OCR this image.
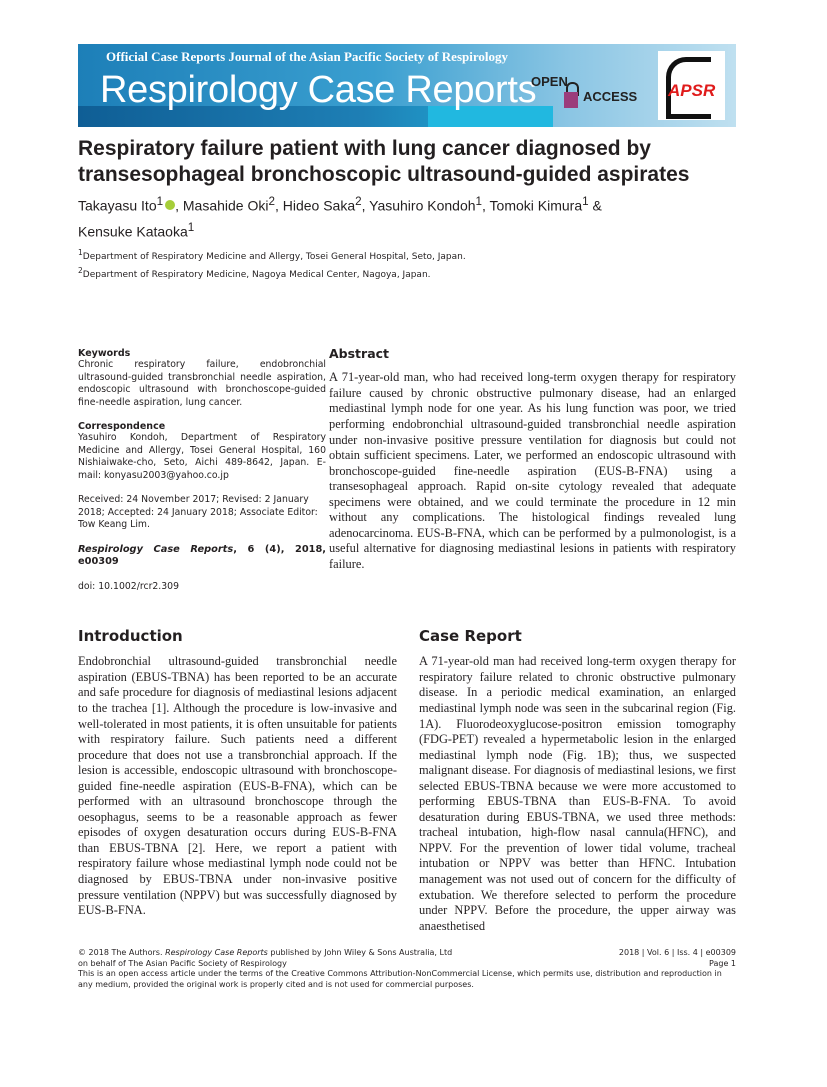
Official Case Reports Journal of the Asian Pacific Society of Respirology
Respirology Case Reports
OPEN
ACCESS APSR
Respiratory failure patient with lung cancer diagnosed by transesophageal bronchoscopic ultrasound-guided aspirates
Takayasu Ito$^1$ , Masahide Oki$^2$, Hideo Saka$^2$, Yasuhiro Kondoh$^1$, Tomoki Kimura$^1$ &
Kensuke Kataoka$^1$
$^1$Department of Respiratory Medicine and Allergy, Tosei General Hospital, Seto, Japan.
$^2$Department of Respiratory Medicine, Nagoya Medical Center, Nagoya, Japan.
Keywords

Chronic respiratory failure, endobronchial ultrasound-guided transbronchial needle aspiration, endoscopic ultrasound with bronchoscope-guided fine-needle aspiration, lung cancer.

Correspondence

Yasuhiro Kondoh, Department of Respiratory Medicine and Allergy, Tosei General Hospital, 160 Nishiaiwake-cho, Seto, Aichi 489-8642, Japan. E-mail: konyasu2003@yahoo.co.jp

Received: 24 November 2017; Revised: 2 January 2018; Accepted: 24 January 2018; Associate Editor: Tow Keang Lim.

Respirology Case Reports, 6 (4), 2018, e00309

doi: 10.1002/rcr2.309

Abstract

A 71-year-old man, who had received long-term oxygen therapy for respiratory failure caused by chronic obstructive pulmonary disease, had an enlarged mediastinal lymph node for one year. As his lung function was poor, we tried performing endobronchial ultrasound-guided transbronchial needle aspiration under non-invasive positive pressure ventilation for diagnosis but could not obtain sufficient specimens. Later, we performed an endoscopic ultrasound with bronchoscope-guided fine-needle aspiration (EUS-B-FNA) using a transesophageal approach. Rapid on-site cytology revealed that adequate specimens were obtained, and we could terminate the procedure in 12 min without any complications. The histological findings revealed lung adenocarcinoma. EUS-B-FNA, which can be performed by a pulmonologist, is a useful alternative for diagnosing mediastinal lesions in patients with respiratory failure.

Introduction

Endobronchial ultrasound-guided transbronchial needle aspiration (EBUS-TBNA) has been reported to be an accurate and safe procedure for diagnosis of mediastinal lesions adjacent to the trachea [1]. Although the procedure is low-invasive and well-tolerated in most patients, it is often unsuitable for patients with respiratory failure. Such patients need a different procedure that does not use a transbronchial approach. If the lesion is accessible, endoscopic ultrasound with bronchoscope-guided fine-needle aspiration (EUS-B-FNA), which can be performed with an ultrasound bronchoscope through the oesophagus, seems to be a reasonable approach as fewer episodes of oxygen desaturation occurs during EUS-B-FNA than EBUS-TBNA [2]. Here, we report a patient with respiratory failure whose mediastinal lymph node could not be diagnosed by EBUS-TBNA under non-invasive positive pressure ventilation (NPPV) but was successfully diagnosed by EUS-B-FNA.

Case Report

A 71-year-old man had received long-term oxygen therapy for respiratory failure related to chronic obstructive pulmonary disease. In a periodic medical examination, an enlarged mediastinal lymph node was seen in the subcarinal region (Fig. 1A). Fluorodeoxyglucose-positron emission tomography (FDG-PET) revealed a hypermetabolic lesion in the enlarged mediastinal lymph node (Fig. 1B); thus, we suspected malignant disease. For diagnosis of mediastinal lesions, we first selected EBUS-TBNA because we were more accustomed to performing EBUS-TBNA than EUS-B-FNA. To avoid desaturation during EBUS-TBNA, we used three methods: tracheal intubation, high-flow nasal cannula(HFNC), and NPPV. For the prevention of lower tidal volume, tracheal intubation or NPPV was better than HFNC. Intubation management was not used out of concern for the difficulty of extubation. We therefore selected to perform the procedure under NPPV. Before the procedure, the upper airway was anaesthetised

© 2018 The Authors. Respirology Case Reports published by John Wiley & Sons Australia, Ltd
on behalf of The Asian Pacific Society of Respirology
This is an open access article under the terms of the Creative Commons Attribution-NonCommercial License, which permits use, distribution and reproduction in any medium, provided the original work is properly cited and is not used for commercial purposes.
2018 | Vol. 6 | Iss. 4 | e00309
Page 1
